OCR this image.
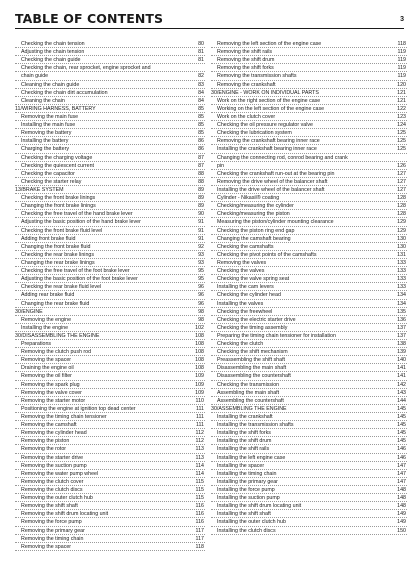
TABLE OF CONTENTS	3
Checking the chain tension	80
Adjusting the chain tension	81
Checking the chain guide	81
Checking the chain, rear sprocket, engine sprocket and
chain guide	82
Cleaning the chain guide	83
Checking the chain dirt accumulation	84
Cleaning the chain	84
11/WIRING HARNESS, BATTERY	85
Removing the main fuse	85
Installing the main fuse	85
Removing the battery	85
Installing the battery	86
Charging the battery	86
Checking the charging voltage	87
Checking the quiescent current	87
Checking the capacitor	88
Checking the starter relay	88
13/BRAKE SYSTEM	89
Checking the front brake linings	89
Changing the front brake linings	89
Checking the free travel of the hand brake lever	90
Adjusting the basic position of the hand brake lever	91
Checking the front brake fluid level	91
Adding front brake fluid	91
Changing the front brake fluid	92
Checking the rear brake linings	93
Changing the rear brake linings	93
Checking the free travel of the foot brake lever	95
Adjusting the basic position of the foot brake lever	95
Checking the rear brake fluid level	96
Adding rear brake fluid	96
Changing the rear brake fluid	96
30/ENGINE	98
Removing the engine	98
Installing the engine	102
30/DISASSEMBLING THE ENGINE	108
Preparations	108
Removing the clutch push rod	108
Removing the spacer	108
Draining the engine oil	108
Removing the oil filter	109
Removing the spark plug	109
Removing the valve cover	109
Removing the starter motor	110
Positioning the engine at ignition top dead center	111
Removing the timing chain tensioner	111
Removing the camshaft	111
Removing the cylinder head	112
Removing the piston	112
Removing the rotor	113
Removing the starter drive	113
Removing the suction pump	114
Removing the water pump wheel	114
Removing the clutch cover	115
Removing the clutch discs	115
Removing the outer clutch hub	115
Removing the shift shaft	116
Removing the shift drum locating unit	116
Removing the force pump	116
Removing the primary gear	117
Removing the timing chain	117
Removing the spacer	118
Removing the left section of the engine case	118
Removing the shift rails	119
Removing the shift drum	119
Removing the shift forks	119
Removing the transmission shafts	119
Removing the crankshaft	120
30/ENGINE - WORK ON INDIVIDUAL PARTS	121
Work on the right section of the engine case	121
Working on the left section of the engine case	122
Work on the clutch cover	123
Checking the oil pressure regulator valve	124
Checking the lubrication system	125
Removing the crankshaft bearing inner race	125
Installing the crankshaft bearing inner race	125
Changing the connecting rod, conrod bearing and crank
pin	126
Checking the crankshaft run-out at the bearing pin	127
Removing the drive wheel of the balancer shaft	127
Installing the drive wheel of the balancer shaft	127
Cylinder - Nikasil® coating	128
Checking/measuring the cylinder	128
Checking/measuring the piston	128
Measuring the piston/cylinder mounting clearance	129
Checking the piston ring end gap	129
Changing the camshaft bearing	130
Checking the camshafts	130
Checking the pivot points of the camshafts	131
Removing the valves	133
Checking the valves	133
Checking the valve spring seat	133
Installing the cam levers	133
Checking the cylinder head	134
Installing the valves	134
Checking the freewheel	135
Checking the electric starter drive	136
Checking the timing assembly	137
Preparing the timing chain tensioner for installation	137
Checking the clutch	138
Checking the shift mechanism	139
Preassembling the shift shaft	140
Disassembling the main shaft	141
Disassembling the countershaft	141
Checking the transmission	142
Assembling the main shaft	143
Assembling the countershaft	144
30/ASSEMBLING THE ENGINE	145
Installing the crankshaft	145
Installing the transmission shafts	145
Installing the shift forks	145
Installing the shift drum	145
Installing the shift rails	146
Installing the left engine case	146
Installing the spacer	147
Installing the timing chain	147
Installing the primary gear	147
Installing the force pump	148
Installing the suction pump	148
Installing the shift drum locating unit	148
Installing the shift shaft	149
Installing the outer clutch hub	149
Installing the clutch discs	150
